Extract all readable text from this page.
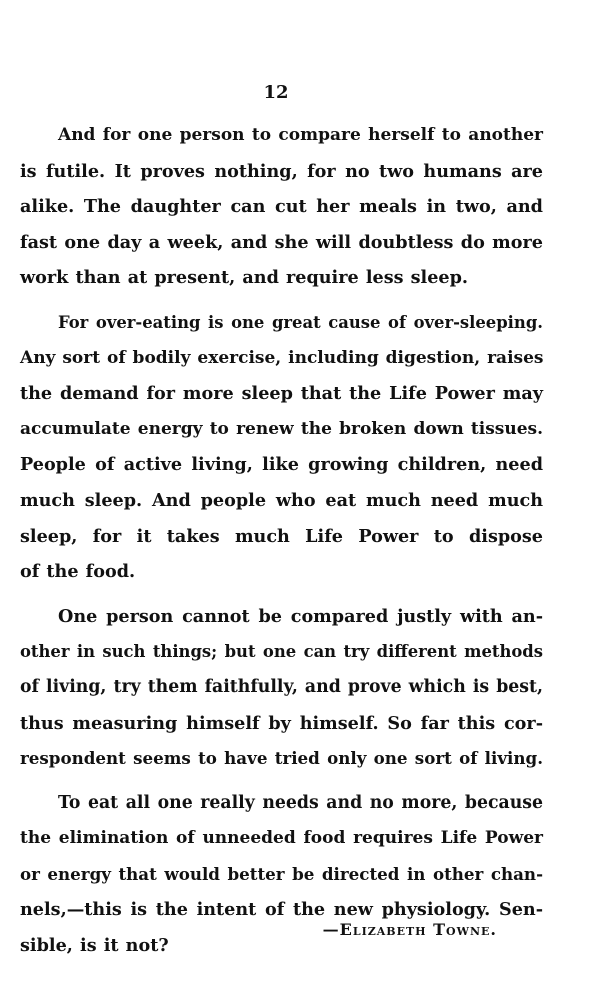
12
And for one person to compare herself to another
is futile. It proves nothing, for no two humans are
alike. The daughter can cut her meals in two, and
fast one day a week, and she will doubtless do more
work than at present, and require less sleep.
For over-eating is one great cause of over-sleeping.
Any sort of bodily exercise, including digestion, raises
the demand for more sleep that the Life Power may
accumulate energy to renew the broken down tissues.
People of active living, like growing children, need
much sleep. And people who eat much need much
sleep, for it takes much Life Power to dispose
of the food.
One person cannot be compared justly with an-
other in such things; but one can try different methods
of living, try them faithfully, and prove which is best,
thus measuring himself by himself. So far this cor-
respondent seems to have tried only one sort of living.
To eat all one really needs and no more, because
the elimination of unneeded food requires Life Power
or energy that would better be directed in other chan-
nels,—this is the intent of the new physiology. Sen-
sible, is it not?
—Elizabeth Towne.
